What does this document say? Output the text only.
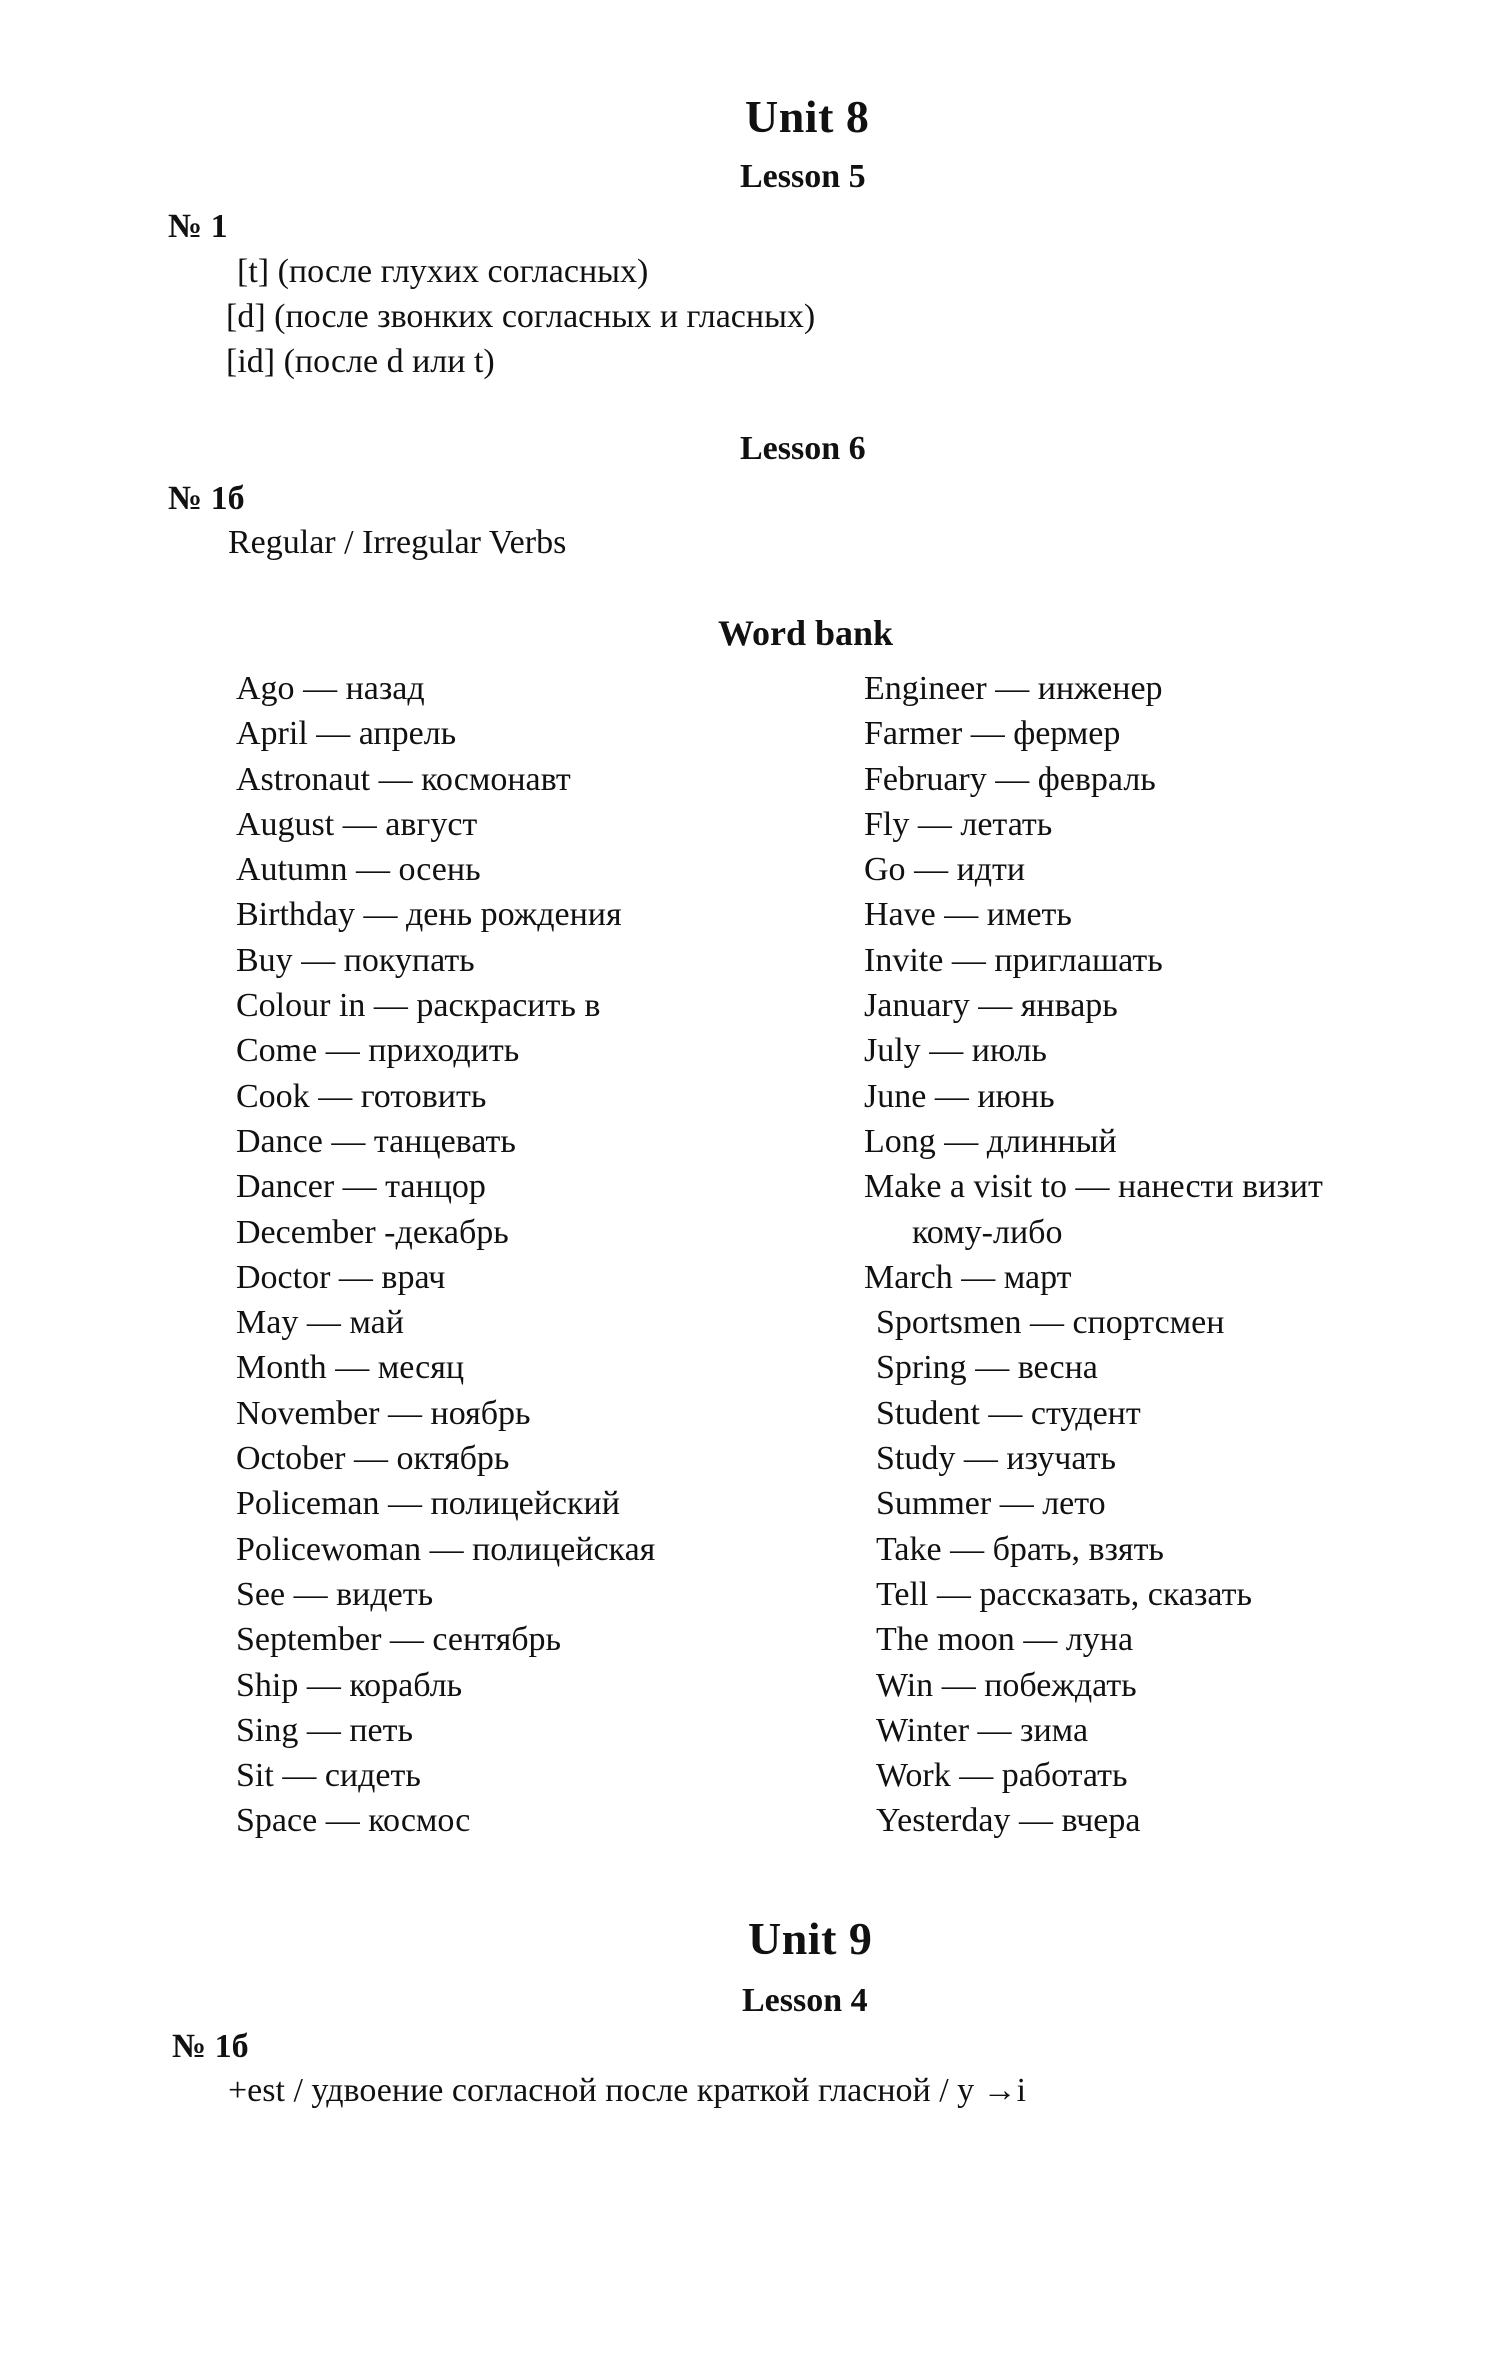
Unit 8
Lesson 5
№ 1
[t] (после глухих согласных)
[d] (после звонких согласных и гласных)
[id] (после d или t)
Lesson 6
№ 1б
Regular / Irregular Verbs
Word bank
Ago — назад
April — апрель
Astronaut — космонавт
August — август
Autumn — осень
Birthday — день рождения
Buy — покупать
Colour in — раскрасить в
Come — приходить
Cook — готовить
Dance — танцевать
Dancer — танцор
December -декабрь
Doctor — врач
May — май
Month — месяц
November — ноябрь
October — октябрь
Policeman — полицейский
Policewoman — полицейская
See — видеть
September — сентябрь
Ship — корабль
Sing — петь
Sit — сидеть
Space — космос
Engineer — инженер
Farmer — фермер
February — февраль
Fly — летать
Go — идти
Have — иметь
Invite — приглашать
January — январь
July — июль
June — июнь
Long — длинный
Make a visit to — нанести визит
кому-либо
March — март
Sportsmen — спортсмен
Spring — весна
Student — студент
Study — изучать
Summer — лето
Take — брать, взять
Tell — рассказать, сказать
The moon — луна
Win — побеждать
Winter — зима
Work — работать
Yesterday — вчера
Unit 9
Lesson 4
№ 1б
+est / удвоение согласной после краткой гласной / y →i
